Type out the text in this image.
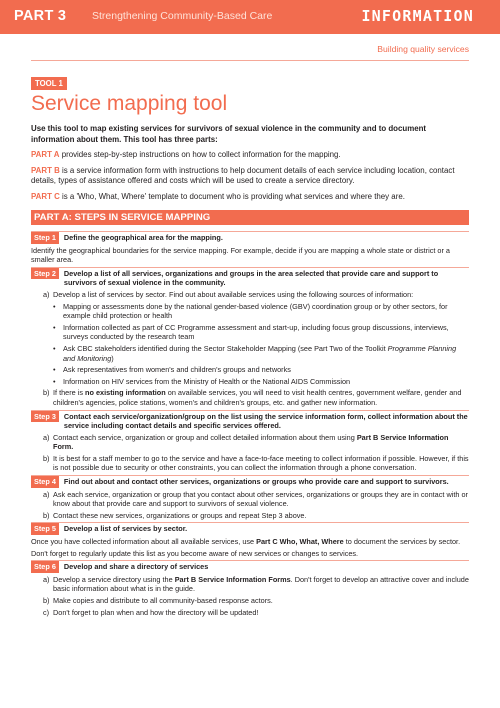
PART 3 Strengthening Community-Based Care	INFORMATION
Building quality services
TOOL 1
Service mapping tool

Use this tool to map existing services for survivors of sexual violence in the community and to document information about them. This tool has three parts:

PART A provides step-by-step instructions on how to collect information for the mapping.

PART B is a service information form with instructions to help document details of each service including location, contact details, types of assistance offered and costs which will be used to create a service directory.

PART C is a 'Who, What, Where' template to document who is providing what services and where they are.

PART A: STEPS IN SERVICE MAPPING
Step 1	Define the geographical area for the mapping.

Identify the geographical boundaries for the service mapping. For example, decide if you are mapping a whole state or district or a smaller area.

Step 2	Develop a list of all services, organizations and groups in the area selected that provide care and support to survivors of sexual violence in the community.
a) Develop a list of services by sector. Find out about available services using the following sources of information:
•	Mapping or assessments done by the national gender-based violence (GBV) coordination group or by other sectors, for example child protection or health
•	Information collected as part of CC Programme assessment and start-up, including focus group discussions, interviews, surveys conducted by the research team
•	Ask CBC stakeholders identified during the Sector Stakeholder Mapping (see Part Two of the Toolkit Programme Planning and Monitoring)
•	Ask representatives from women's and children's groups and networks
•	Information on HIV services from the Ministry of Health or the National AIDS Commission
b) If there is no existing information on available services, you will need to visit health centres, government welfare, gender and children's agencies, police stations, women's and children's groups, etc. and gather new information.
Step 3	Contact each service/organization/group on the list using the service information form, collect information about the service including contact details and specific services offered.
a) Contact each service, organization or group and collect detailed information about them using Part B Service Information Form.
b) It is best for a staff member to go to the service and have a face-to-face meeting to collect information if possible. However, if this is not possible due to security or other constraints, you can collect the information through a phone conversation.
Step 4	Find out about and contact other services, organizations or groups who provide care and support to survivors.
a) Ask each service, organization or group that you contact about other services, organizations or groups they are in contact with or know about that provide care and support to survivors of sexual violence.
b) Contact these new services, organizations or groups and repeat Step 3 above.
Step 5	Develop a list of services by sector.

Once you have collected information about all available services, use Part C Who, What, Where to document the services by sector.

Don't forget to regularly update this list as you become aware of new services or changes to services.

Step 6	Develop and share a directory of services
a) Develop a service directory using the Part B Service Information Forms. Don't forget to develop an attractive cover and include basic information about what is in the guide.
b) Make copies and distribute to all community-based response actors.
c) Don't forget to plan when and how the directory will be updated!
